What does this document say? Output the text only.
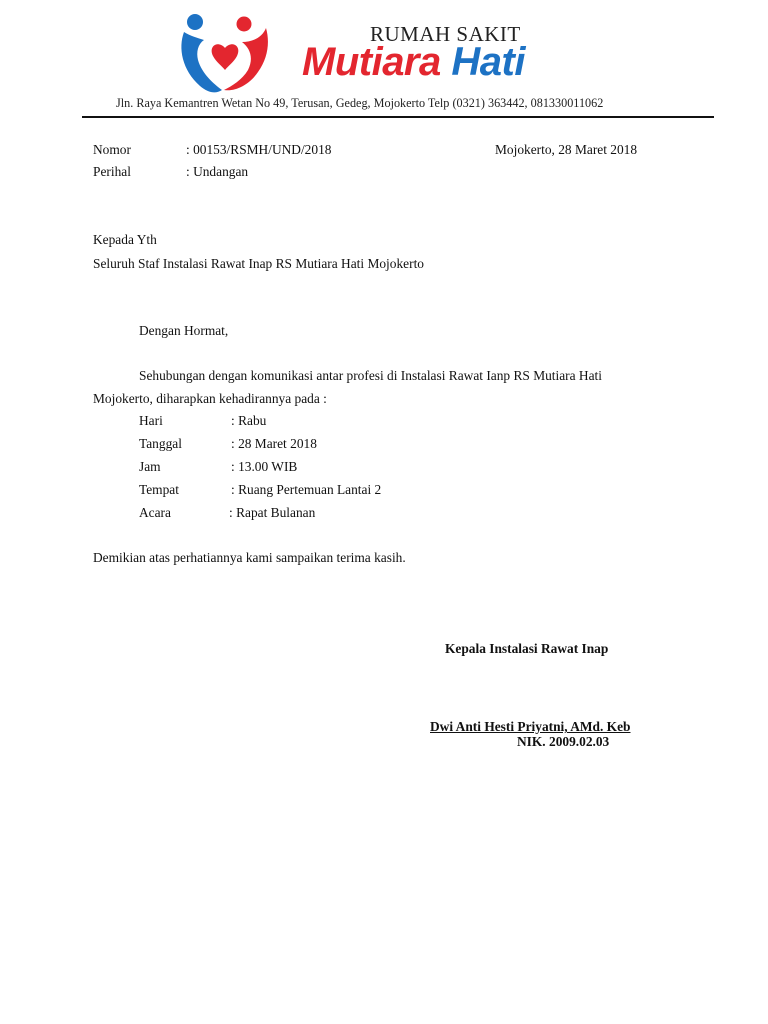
RUMAH SAKIT
Mutiara Hati
Jln. Raya Kemantren Wetan No 49, Terusan, Gedeg, Mojokerto Telp (0321) 363442, 081330011062
Nomor	: 00153/RSMH/UND/2018	Mojokerto, 28 Maret 2018
Perihal	: Undangan
Kepada Yth
Seluruh Staf Instalasi Rawat Inap RS Mutiara Hati Mojokerto
Dengan Hormat,
Sehubungan dengan komunikasi antar profesi di Instalasi Rawat Ianp RS Mutiara Hati
Mojokerto, diharapkan kehadirannya pada :
Hari	: Rabu
Tanggal	: 28 Maret 2018
Jam	: 13.00 WIB
Tempat	: Ruang Pertemuan Lantai 2
Acara	: Rapat Bulanan
Demikian atas perhatiannya kami sampaikan terima kasih.
Kepala Instalasi Rawat Inap
Dwi Anti Hesti Priyatni, AMd. Keb
NIK. 2009.02.03
